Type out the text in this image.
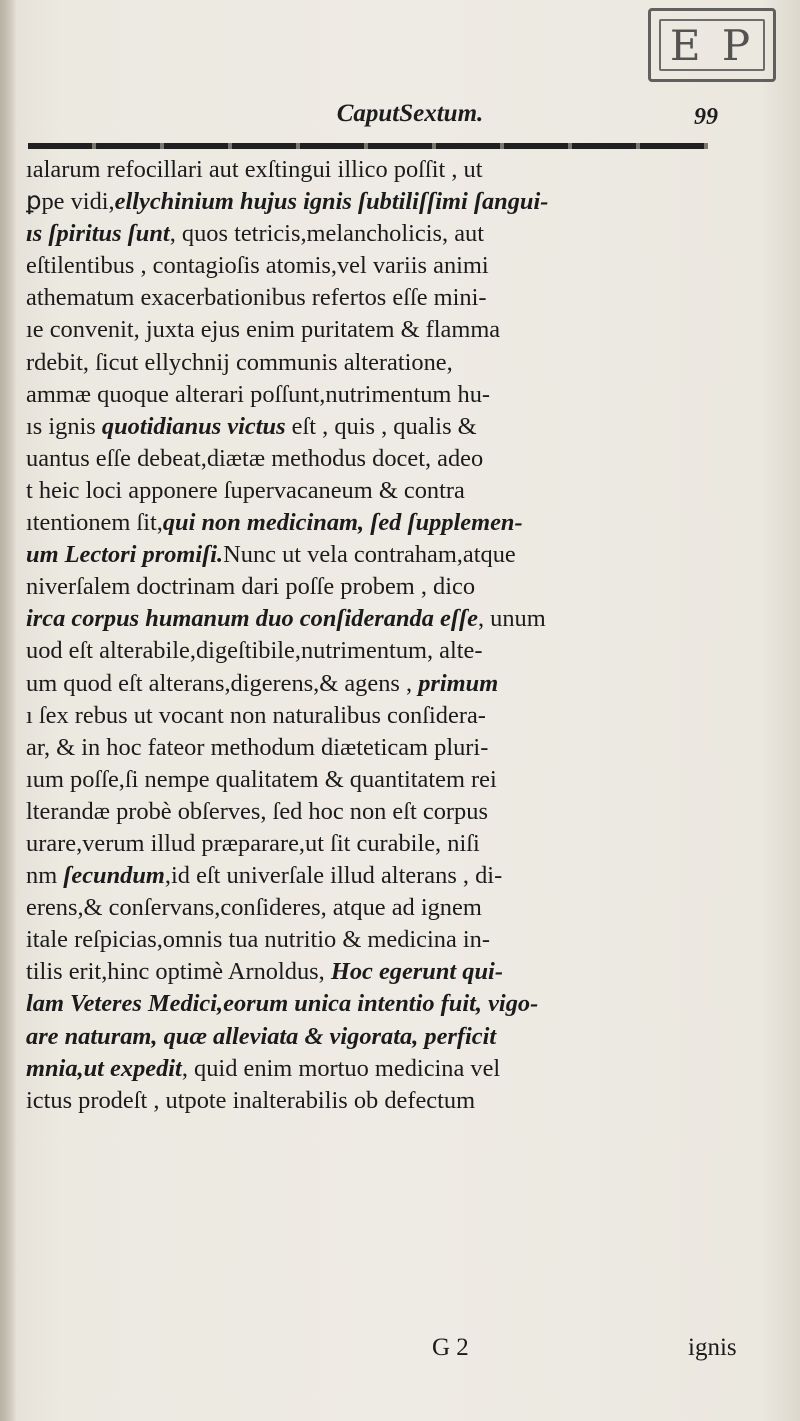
E P
CaputSextum.	99
ıalarum refocillari aut exſtingui illico poſſit , ut
ꝑpe vidi,ellychinium hujus ignis ſubtiliſſimi ſangui-
ıs ſpiritus ſunt, quos tetricis,melancholicis, aut
eſtilentibus , contagioſis atomis,vel variis animi
athematum exacerbationibus refertos eſſe mini-
ıe convenit, juxta ejus enim puritatem & flamma
rdebit, ſicut ellychnij communis alteratione,
ammæ quoque alterari poſſunt,nutrimentum hu-
ıs ignis quotidianus victus eſt , quis , qualis &
uantus eſſe debeat,diætæ methodus docet, adeo
t heic loci apponere ſupervacaneum & contra
ıtentionem ſit,qui non medicinam, ſed ſupplemen-
um Lectori promiſi.Nunc ut vela contraham,atque
niverſalem doctrinam dari poſſe probem , dico
irca corpus humanum duo conſideranda eſſe, unum
uod eſt alterabile,digeſtibile,nutrimentum, alte-
um quod eſt alterans,digerens,& agens , primum
ı ſex rebus ut vocant non naturalibus conſidera-
ar, & in hoc fateor methodum diæteticam pluri-
ıum poſſe,ſi nempe qualitatem & quantitatem rei
lterandæ probè obſerves, ſed hoc non eſt corpus
urare,verum illud præparare,ut ſit curabile, niſi
nm ſecundum,id eſt univerſale illud alterans , di-
erens,& conſervans,conſideres, atque ad ignem
itale reſpicias,omnis tua nutritio & medicina in-
tilis erit,hinc optimè Arnoldus, Hoc egerunt qui-
lam Veteres Medici,eorum unica intentio fuit, vigo-
are naturam, quæ alleviata & vigorata, perficit
mnia,ut expedit, quid enim mortuo medicina vel
ictus prodeſt , utpote inalterabilis ob defectum
G 2	ignis
